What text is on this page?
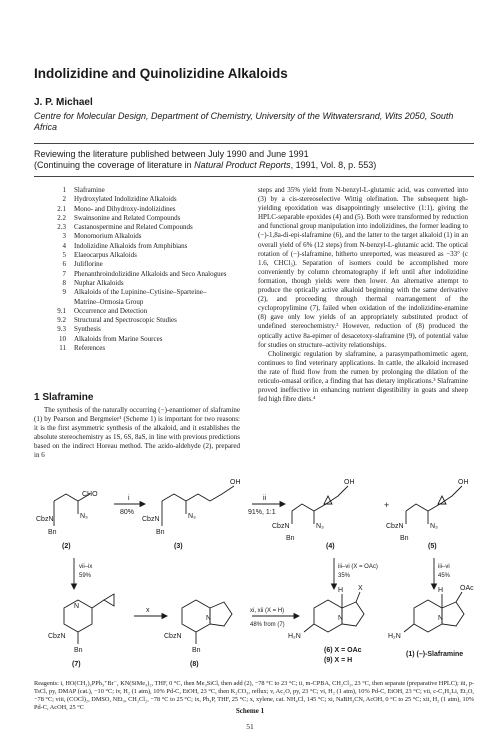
Indolizidine and Quinolizidine Alkaloids
J. P. Michael
Centre for Molecular Design, Department of Chemistry, University of the Witwatersrand, Wits 2050, South Africa
Reviewing the literature published between July 1990 and June 1991
(Continuing the coverage of literature in Natural Product Reports, 1991, Vol. 8, p. 553)
1	Slaframine
2	Hydroxylated Indolizidine Alkaloids
2.1	Mono- and Dihydroxy-indolizidines
2.2	Swainsonine and Related Compounds
2.3	Castanospermine and Related Compounds
3	Monomorium Alkaloids
4	Indolizidine Alkaloids from Amphibians
5	Elaeocarpus Alkaloids
6	Juliflorine
7	Phenanthroindolizidine Alkaloids and Seco Analogues
8	Nuphar Alkaloids
9	Alkaloids of the Lupinine–Cytisine–Sparteine–
Matrine–Ormosia Group
9.1	Occurrence and Detection
9.2	Structural and Spectroscopic Studies
9.3	Synthesis
10	Alkaloids from Marine Sources
11	References
1 Slaframine
The synthesis of the naturally occurring (−)-enantiomer of slaframine (1) by Pearson and Bergmeier¹ (Scheme 1) is important for two reasons: it is the first asymmetric synthesis of the alkaloid, and it establishes the absolute stereochemistry as 1S, 6S, 8aS, in line with previous predictions based on the indirect Horeau method. The azido-aldehyde (2), prepared in 6

steps and 35% yield from N-benzyl-L-glutamic acid, was converted into (3) by a cis-stereoselective Wittig olefination. The subsequent high-yielding epoxidation was disappointingly unselective (1:1), giving the HPLC-separable epoxides (4) and (5). Both were transformed by reduction and functional group manipulation into indolizidines, the former leading to (−)-1,8a-di-epi-slaframine (6), and the latter to the target alkaloid (1) in an overall yield of 6% (12 steps) from N-benzyl-L-glutamic acid. The optical rotation of (−)-slaframine, hitherto unreported, was measured as −33° (c 1.6, CHCl₃). Separation of isomers could be accomplished more conveniently by column chromatography if left until after indolizidine formation, though yields were then lower. An alternative attempt to produce the optically active alkaloid beginning with the same derivative (2), and proceeding through thermal rearrangement of the cyclopropylimine (7), failed when oxidation of the indolizidine-enamine (8) gave only low yields of an appropriately substituted product of undefined stereochemistry.² However, reduction of (8) produced the optically active 8a-epimer of desacetoxy-slaframine (9), of potential value for studies on structure–activity relationships.

Cholinergic regulation by slaframine, a parasympathomimetic agent, continues to find veterinary applications. In cattle, the alkaloid increased the rate of fluid flow from the rumen by prolonging the dilation of the reticulo-omasal orifice, a finding that has dietary implications.³ Slaframine proved ineffective in enhancing nutrient digestibility in goats and sheep fed high fibre diets.⁴

CHO
N₃
CbzN
Bn
(2)
i
80%
OH
N₃
CbzN
Bn
(3)
ii
91%, 1:1
OH
N₃
CbzN
Bn
(4)
+
OH
N₃
CbzN
Bn
(5)
vii–ix
59%
iii–vi (X = OAc)
35%
iii–vi
45%
N
CbzN
Bn
(7)
x
N
CbzN
Bn
(8)
xi, xii (X = H)
48% from (7)
H X
N
H₂N
(6) X = OAc
(9) X = H
H OAc
N
H₂N
(1) (–)-Slaframine
Reagents: i, HO(CH₂)₃PPh₃⁺Br⁻, KN(SiMe₃)₂, THF, 0 °C, then Me₃SiCl, then add (2), −78 °C to 23 °C; ii, m-CPBA, CH₂Cl₂, 23 °C, then separate (preparative HPLC); iii, p-TsCl, py, DMAP (cat.), −10 °C; iv, H₂ (1 atm), 10% Pd-C, EtOH, 23 °C, then K₂CO₃, reflux; v, Ac₂O, py, 23 °C; vi, H₂ (1 atm), 10% Pd-C, EtOH, 23 °C; vii, c-C₃H₅Li, Et₂O, −78 °C; viii, (COCl)₂, DMSO, NEt₃, CH₂Cl₂, −78 °C to 25 °C; ix, Ph₃P, THF, 25 °C; x, xylene, cat. NH₄Cl, 145 °C; xi, NaBH₃CN, AcOH, 0 °C to 25 °C; xii, H₂ (1 atm), 10% Pd-C, AcOH, 25 °C	Scheme 1
51
